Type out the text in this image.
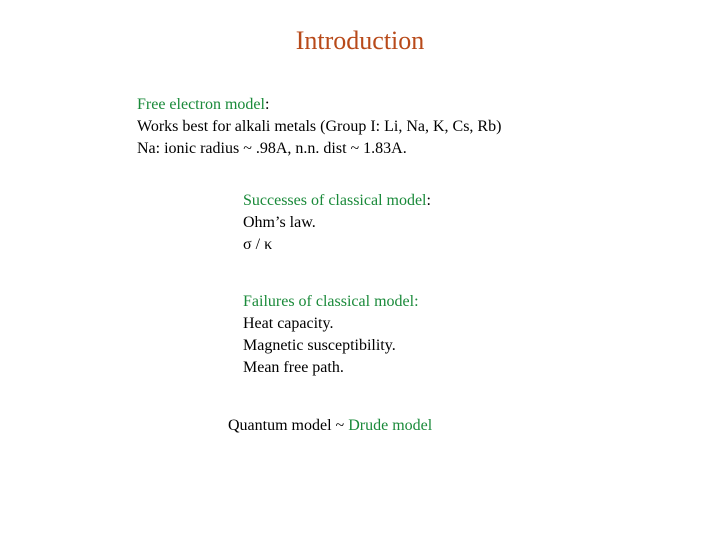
Introduction
Free electron model:
Works best for alkali metals (Group I: Li, Na, K, Cs, Rb)
Na: ionic radius ~ .98A, n.n. dist ~ 1.83A.
Successes of classical model:
Ohm’s law.
σ / κ
Failures of classical model:
Heat capacity.
Magnetic susceptibility.
Mean free path.
Quantum model ~ Drude model
